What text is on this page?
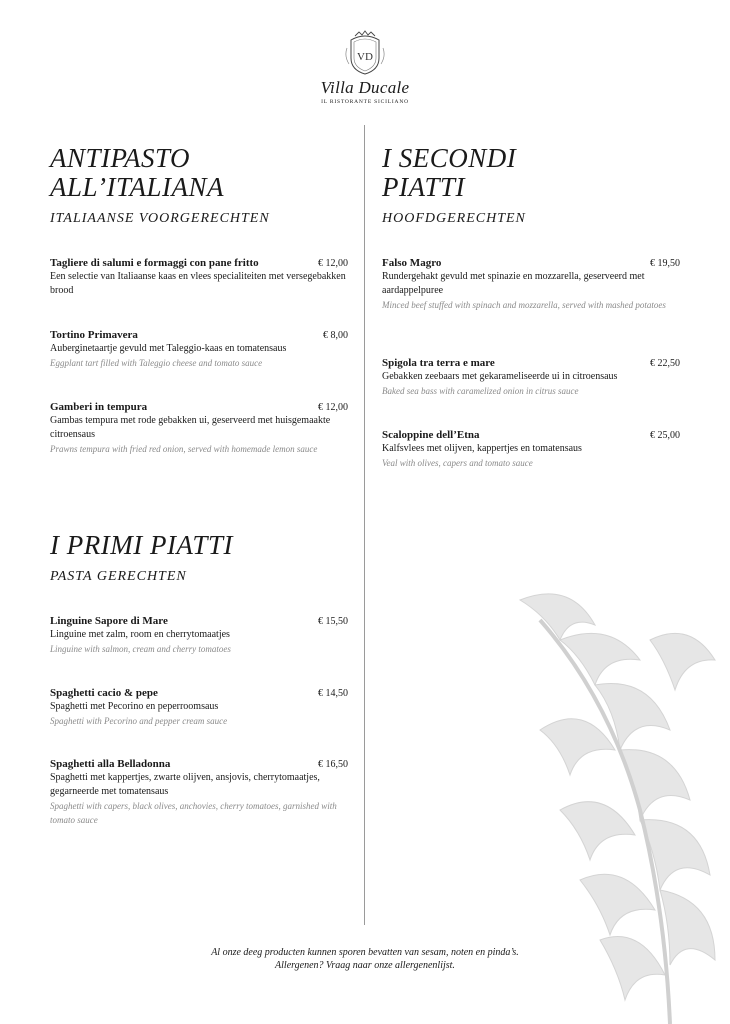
VD
Villa Ducale
IL RISTORANTE SICILIANO
ANTIPASTO
ALL’ITALIANA
ITALIAANSE VOORGERECHTEN
Tagliere di salumi e formaggi con pane fritto	€ 12,00
Een selectie van Italiaanse kaas en vlees specialiteiten met versegebakken brood
Tortino Primavera	€ 8,00
Auberginetaartje gevuld met Taleggio-kaas en tomatensaus
Eggplant tart filled with Taleggio cheese and tomato sauce
Gamberi in tempura	€ 12,00
Gambas tempura met rode gebakken ui, geserveerd met huisgemaakte citroensaus
Prawns tempura with fried red onion, served with homemade lemon sauce
I PRIMI PIATTI
PASTA GERECHTEN
Linguine Sapore di Mare	€ 15,50
Linguine met zalm, room en cherrytomaatjes
Linguine with salmon, cream and cherry tomatoes
Spaghetti cacio & pepe	€ 14,50
Spaghetti met Pecorino en peperroomsaus
Spaghetti with Pecorino and pepper cream sauce
Spaghetti alla Belladonna	€ 16,50
Spaghetti met kappertjes, zwarte olijven, ansjovis, cherrytomaatjes, gegarneerde met tomatensaus
Spaghetti with capers, black olives, anchovies, cherry tomatoes, garnished with tomato sauce
I SECONDI
PIATTI
HOOFDGERECHTEN
Falso Magro	€ 19,50
Rundergehakt gevuld met spinazie en mozzarella, geserveerd met aardappelpuree
Minced beef stuffed with spinach and mozzarella, served with mashed potatoes
Spigola tra terra e mare	€ 22,50
Gebakken zeebaars met gekarameliseerde ui in citroensaus
Baked sea bass with caramelized onion in citrus sauce
Scaloppine dell’Etna	€ 25,00
Kalfsvlees met olijven, kappertjes en tomatensaus
Veal with olives, capers and tomato sauce
Al onze deeg producten kunnen sporen bevatten van sesam, noten en pinda’s.
Allergenen? Vraag naar onze allergenenlijst.
